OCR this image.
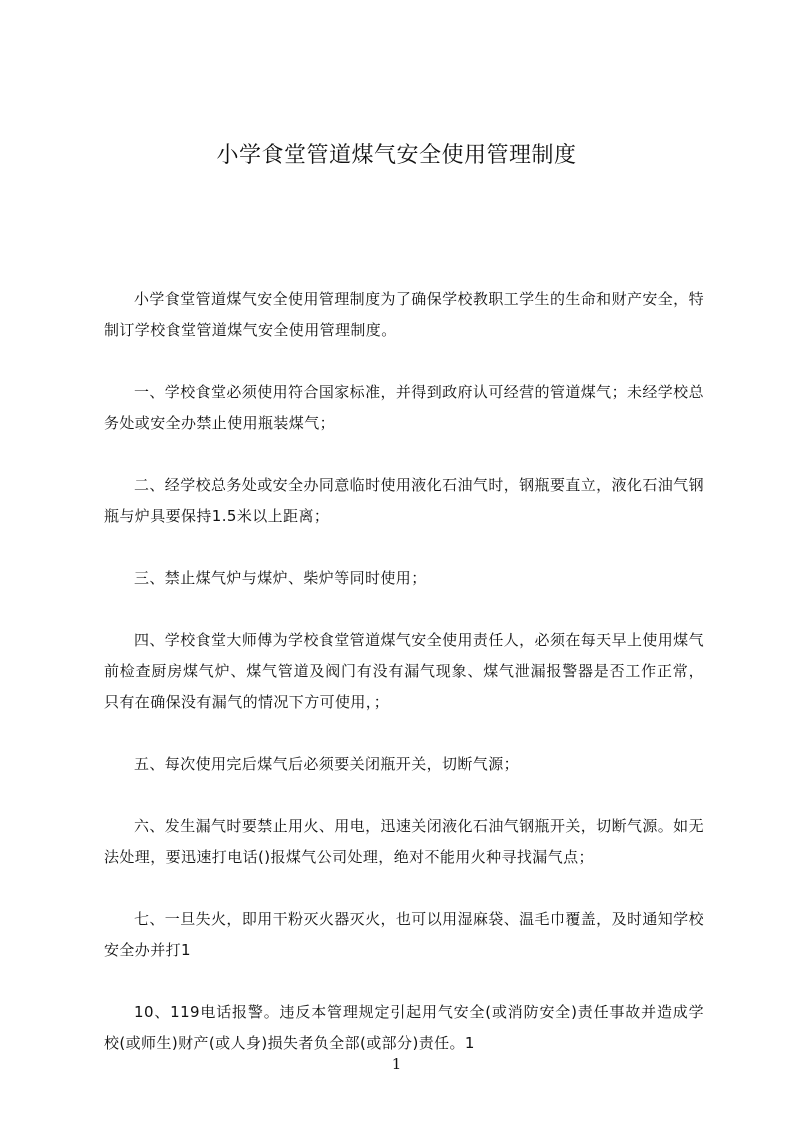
小学食堂管道煤气安全使用管理制度

小学食堂管道煤气安全使用管理制度为了确保学校教职工学生的生命和财产安全，特制订学校食堂管道煤气安全使用管理制度。

一、学校食堂必须使用符合国家标准，并得到政府认可经营的管道煤气；未经学校总务处或安全办禁止使用瓶装煤气；

二、经学校总务处或安全办同意临时使用液化石油气时，钢瓶要直立，液化石油气钢瓶与炉具要保持1.5米以上距离；

三、禁止煤气炉与煤炉、柴炉等同时使用；

四、学校食堂大师傅为学校食堂管道煤气安全使用责任人，必须在每天早上使用煤气前检查厨房煤气炉、煤气管道及阀门有没有漏气现象、煤气泄漏报警器是否工作正常，只有在确保没有漏气的情况下方可使用，；

五、每次使用完后煤气后必须要关闭瓶开关，切断气源；

六、发生漏气时要禁止用火、用电，迅速关闭液化石油气钢瓶开关，切断气源。如无法处理，要迅速打电话()报煤气公司处理，绝对不能用火种寻找漏气点；

七、一旦失火，即用干粉灭火器灭火，也可以用湿麻袋、温毛巾覆盖，及时通知学校安全办并打1

10、119电话报警。违反本管理规定引起用气安全(或消防安全)责任事故并造成学校(或师生)财产(或人身)损失者负全部(或部分)责任。1

1
